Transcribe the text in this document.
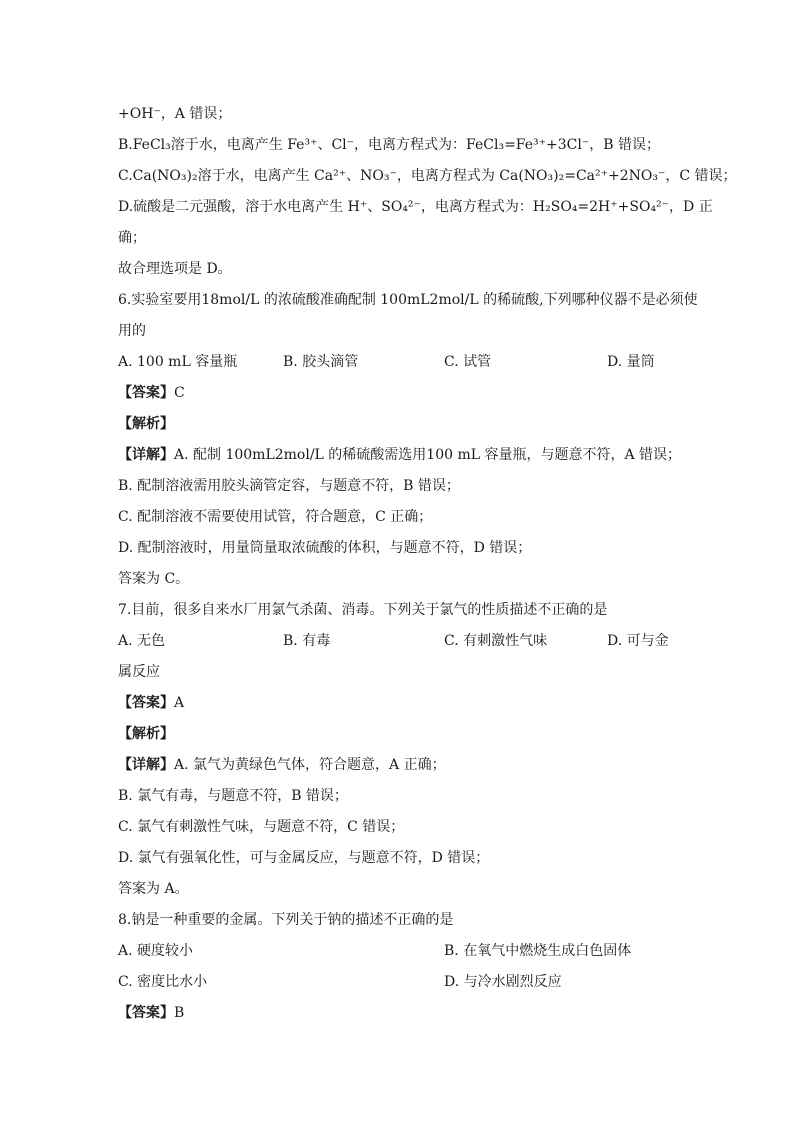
+OH⁻，A 错误；
B.FeCl₃溶于水，电离产生 Fe³⁺、Cl⁻，电离方程式为：FeCl₃=Fe³⁺+3Cl⁻，B 错误；
C.Ca(NO₃)₂溶于水，电离产生 Ca²⁺、NO₃⁻，电离方程式为 Ca(NO₃)₂=Ca²⁺+2NO₃⁻，C 错误；
D.硫酸是二元强酸，溶于水电离产生 H⁺、SO₄²⁻，电离方程式为：H₂SO₄=2H⁺+SO₄²⁻，D 正
确；
故合理选项是 D。
6.实验室要用18mol/L 的浓硫酸准确配制 100mL2mol/L 的稀硫酸,下列哪种仪器不是必须使
用的
A. 100 mL 容量瓶	B. 胶头滴管	C. 试管	D. 量筒
【答案】C
【解析】
【详解】A. 配制 100mL2mol/L 的稀硫酸需选用100 mL 容量瓶，与题意不符，A 错误；
B. 配制溶液需用胶头滴管定容，与题意不符，B 错误；
C. 配制溶液不需要使用试管，符合题意，C 正确；
D. 配制溶液时，用量筒量取浓硫酸的体积，与题意不符，D 错误；
答案为 C。
7.目前，很多自来水厂用氯气杀菌、消毒。下列关于氯气的性质描述不正确的是
A. 无色	B. 有毒	C. 有刺激性气味	D. 可与金
属反应
【答案】A
【解析】
【详解】A. 氯气为黄绿色气体，符合题意，A 正确；
B. 氯气有毒，与题意不符，B 错误；
C. 氯气有刺激性气味，与题意不符，C 错误；
D. 氯气有强氧化性，可与金属反应，与题意不符，D 错误；
答案为 A。
8.钠是一种重要的金属。下列关于钠的描述不正确的是
A. 硬度较小	B. 在氧气中燃烧生成白色固体
C. 密度比水小	D. 与冷水剧烈反应
【答案】B
